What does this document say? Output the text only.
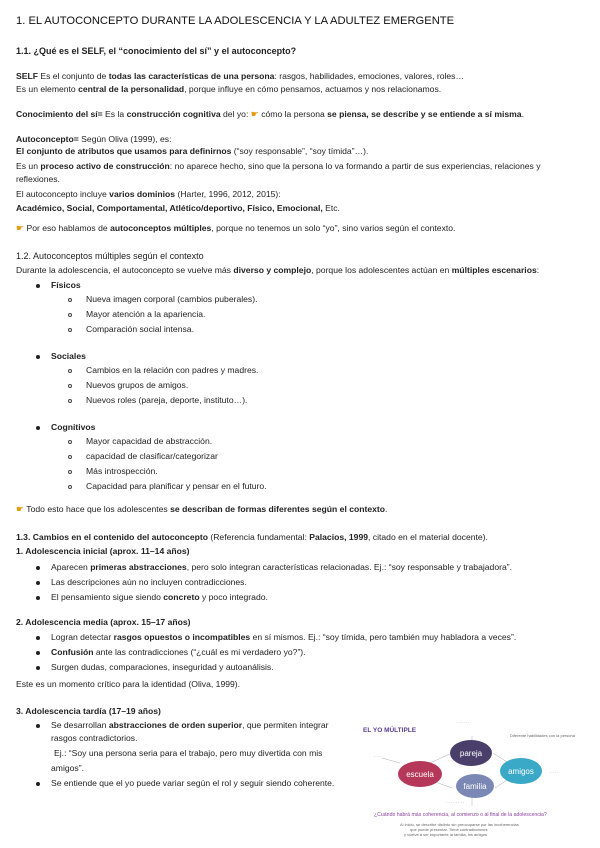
1. EL AUTOCONCEPTO DURANTE LA ADOLESCENCIA Y LA ADULTEZ EMERGENTE
1.1. ¿Qué es el SELF, el “conocimiento del sí” y el autoconcepto?
SELF Es el conjunto de todas las características de una persona: rasgos, habilidades, emociones, valores, roles…
Es un elemento central de la personalidad, porque influye en cómo pensamos, actuamos y nos relacionamos.
Conocimiento del sí= Es la construcción cognitiva del yo: ☛ cómo la persona se piensa, se describe y se entiende a sí misma.
Autoconcepto= Según Oliva (1999), es:
El conjunto de atributos que usamos para definirnos (“soy responsable”, “soy tímida”…).
Es un proceso activo de construcción: no aparece hecho, sino que la persona lo va formando a partir de sus experiencias, relaciones y
reflexiones.
El autoconcepto incluye varios dominios (Harter, 1996, 2012, 2015):
Académico, Social, Comportamental, Atlético/deportivo, Físico, Emocional, Etc.
☛ Por eso hablamos de autoconceptos múltiples, porque no tenemos un solo “yo”, sino varios según el contexto.
1.2. Autoconceptos múltiples según el contexto
Durante la adolescencia, el autoconcepto se vuelve más diverso y complejo, porque los adolescentes actúan en múltiples escenarios:
Físicos
Nueva imagen corporal (cambios puberales).
Mayor atención a la apariencia.
Comparación social intensa.
Sociales
Cambios en la relación con padres y madres.
Nuevos grupos de amigos.
Nuevos roles (pareja, deporte, instituto…).
Cognitivos
Mayor capacidad de abstracción.
capacidad de clasificar/categorizar
Más introspección.
Capacidad para planificar y pensar en el futuro.
☛ Todo esto hace que los adolescentes se describan de formas diferentes según el contexto.
1.3. Cambios en el contenido del autoconcepto (Referencia fundamental: Palacios, 1999, citado en el material docente).
1. Adolescencia inicial (aprox. 11–14 años)
Aparecen primeras abstracciones, pero solo integran características relacionadas. Ej.: “soy responsable y trabajadora”.
Las descripciones aún no incluyen contradicciones.
El pensamiento sigue siendo concreto y poco integrado.
2. Adolescencia media (aprox. 15–17 años)
Logran detectar rasgos opuestos o incompatibles en sí mismos. Ej.: “soy tímida, pero también muy habladora a veces”.
Confusión ante las contradicciones (“¿cuál es mi verdadero yo?”).
Surgen dudas, comparaciones, inseguridad y autoanálisis.
Este es un momento crítico para la identidad (Oliva, 1999).
3. Adolescencia tardía (17–19 años)
Se desarrollan abstracciones de orden superior, que permiten integrar
rasgos contradictorios.
Ej.: “Soy una persona seria para el trabajo, pero muy divertida con mis
amigos”.
Se entiende que el yo puede variar según el rol y seguir siendo coherente.
EL YO MÚLTIPLE
Diferente habilidades con la persona
pareja
amigos
familia
escuela
· · · · · ·
· · · ·
· · · ·
· · · · · · · ·
¿Cuándo habrá más coherencia, al comienzo o al final de la adolescencia?
Al inicio, se describe distinto sin preocuparse por las incoherencias
que puede presentar. Tiene contradicciones
y vuelve a ser importante la familia, los amigos
